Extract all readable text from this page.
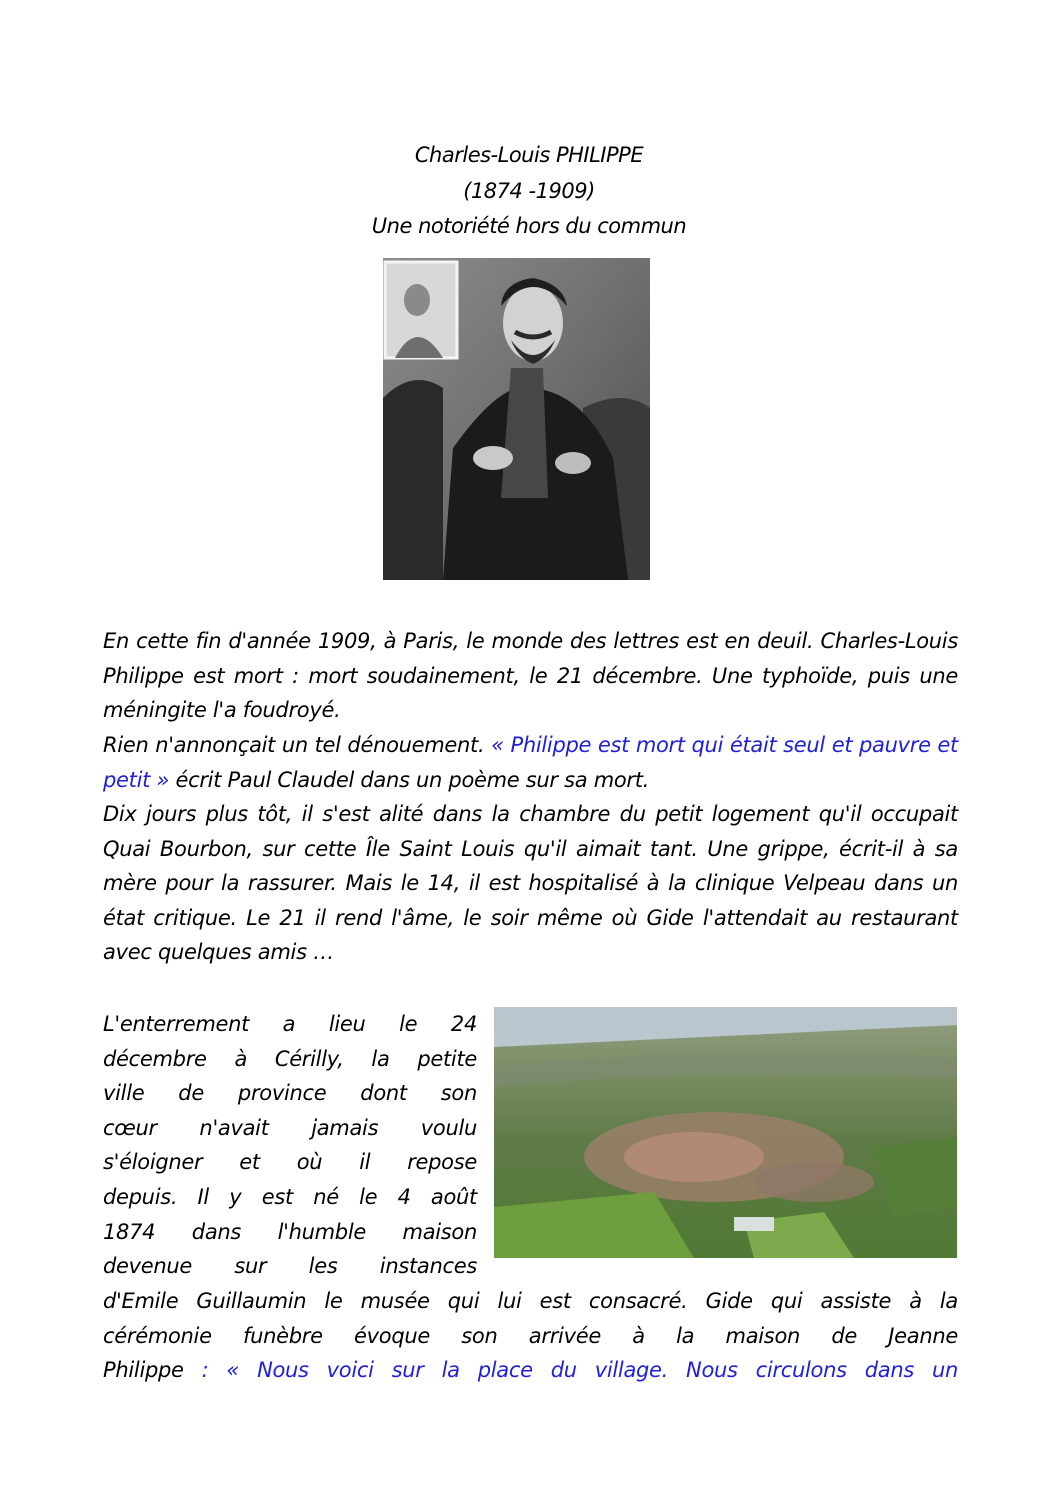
Charles-Louis PHILIPPE
(1874 -1909)
Une notoriété hors du commun
En cette fin d'année 1909, à Paris, le monde des lettres est en deuil. Charles-Louis Philippe est mort : mort soudainement, le 21 décembre. Une typhoïde, puis une méningite l'a foudroyé.
Rien n'annonçait un tel dénouement. « Philippe est mort qui était seul et pauvre et petit » écrit Paul Claudel dans un poème sur sa mort.
Dix jours plus tôt, il s'est alité dans la chambre du petit logement qu'il occupait Quai Bourbon, sur cette Île Saint Louis qu'il aimait tant. Une grippe, écrit-il à sa mère pour la rassurer. Mais le 14, il est hospitalisé à la clinique Velpeau dans un état critique. Le 21 il rend l'âme, le soir même où Gide l'attendait au restaurant avec quelques amis …
L'enterrement a lieu le 24
décembre à Cérilly, la petite
ville de province dont son
cœur n'avait jamais voulu
s'éloigner et où il repose
depuis. Il y est né le 4 août
1874 dans l'humble maison
devenue sur les instances
d'Emile Guillaumin le musée qui lui est consacré. Gide qui assiste à la
cérémonie funèbre évoque son arrivée à la maison de Jeanne
Philippe : « Nous voici sur la place du village. Nous circulons dans un
